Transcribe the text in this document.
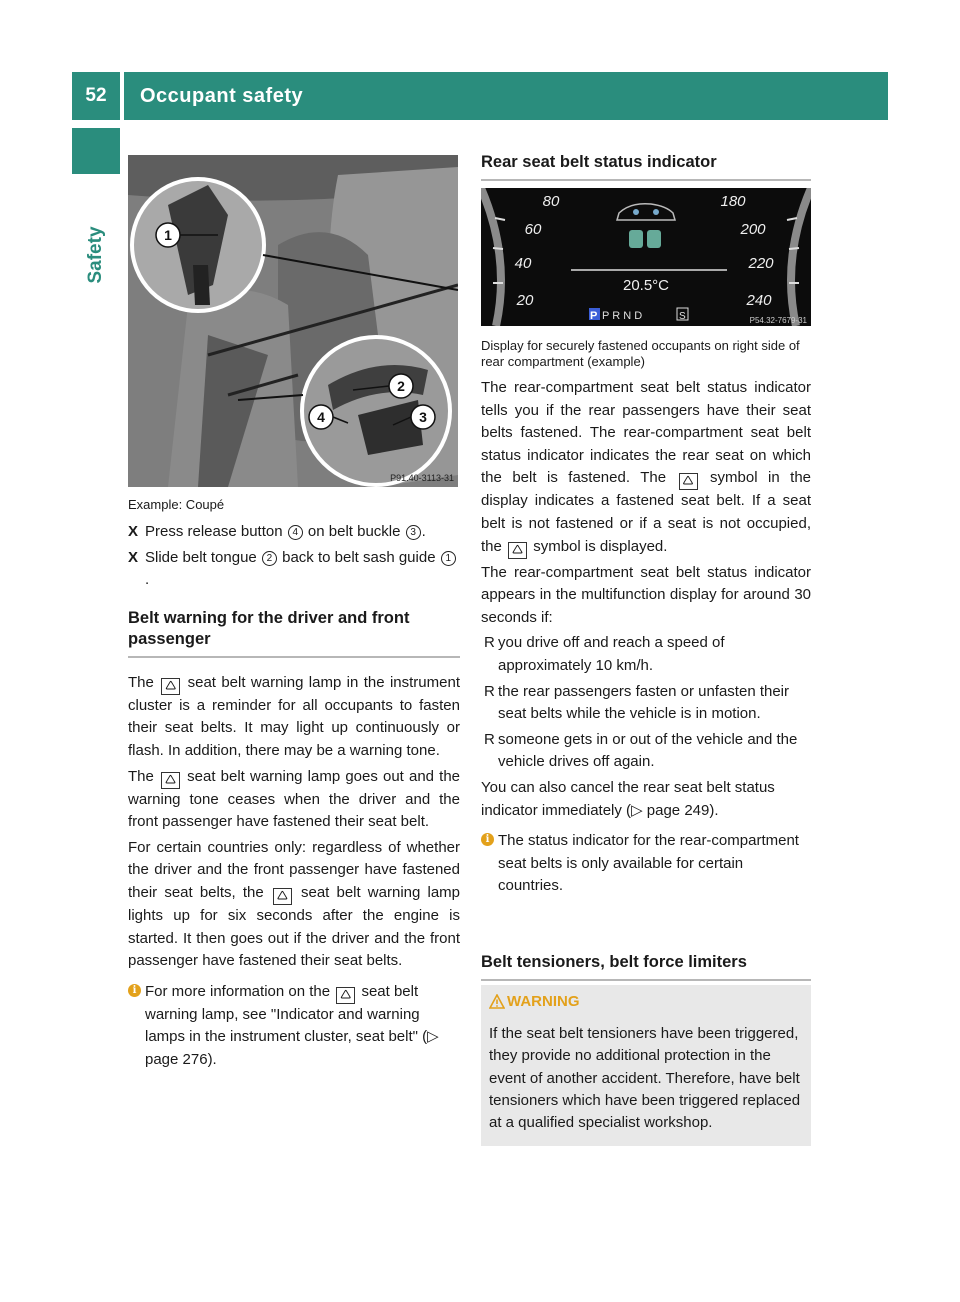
52	Occupant safety
Safety	1
2
3
4
P91.40-3113-31

Example: Coupé

X Press release button 4 on belt buckle 3 .

X Slide belt tongue 2 back to belt sash guide 1.

Belt warning for the driver and front passenger

The 🛆 seat belt warning lamp in the instrument cluster is a reminder for all occupants to fasten their seat belts. It may light up continuously or flash. In addition, there may be a warning tone.

The 🛆 seat belt warning lamp goes out and the warning tone ceases when the driver and the front passenger have fastened their seat belt.

For certain countries only: regardless of whether the driver and the front passenger have fastened their seat belts, the 🛆 seat belt warning lamp lights up for six seconds after the engine is started. It then goes out if the driver and the front passenger have fastened their seat belts.

i For more information on the 🛆 seat belt warning lamp, see "Indicator and warning lamps in the instrument cluster, seat belt" (▷ page 276).

Rear seat belt status indicator
80
60
40
20
180
200
220
240
20.5°C
P P R N D	S	P54.32-7679-31

Display for securely fastened occupants on right side of rear compartment (example)

The rear-compartment seat belt status indicator tells you if the rear passengers have their seat belts fastened. The rear-compartment seat belt status indicator indicates the rear seat on which the belt is fastened. The 🛆 symbol in the display indicates a fastened seat belt. If a seat belt is not fastened or if a seat is not occupied, the 🛆 symbol is displayed.

The rear-compartment seat belt status indicator appears in the multifunction display for around 30 seconds if:

R you drive off and reach a speed of approximately 10 km/h.
R the rear passengers fasten or unfasten their seat belts while the vehicle is in motion.
R someone gets in or out of the vehicle and the vehicle drives off again.

You can also cancel the rear seat belt status indicator immediately (▷ page 249).

i The status indicator for the rear-compartment seat belts is only available for certain countries.

Belt tensioners, belt force limiters
WARNING
If the seat belt tensioners have been triggered, they provide no additional protection in the event of another accident. Therefore, have belt tensioners which have been triggered replaced at a qualified specialist workshop.
